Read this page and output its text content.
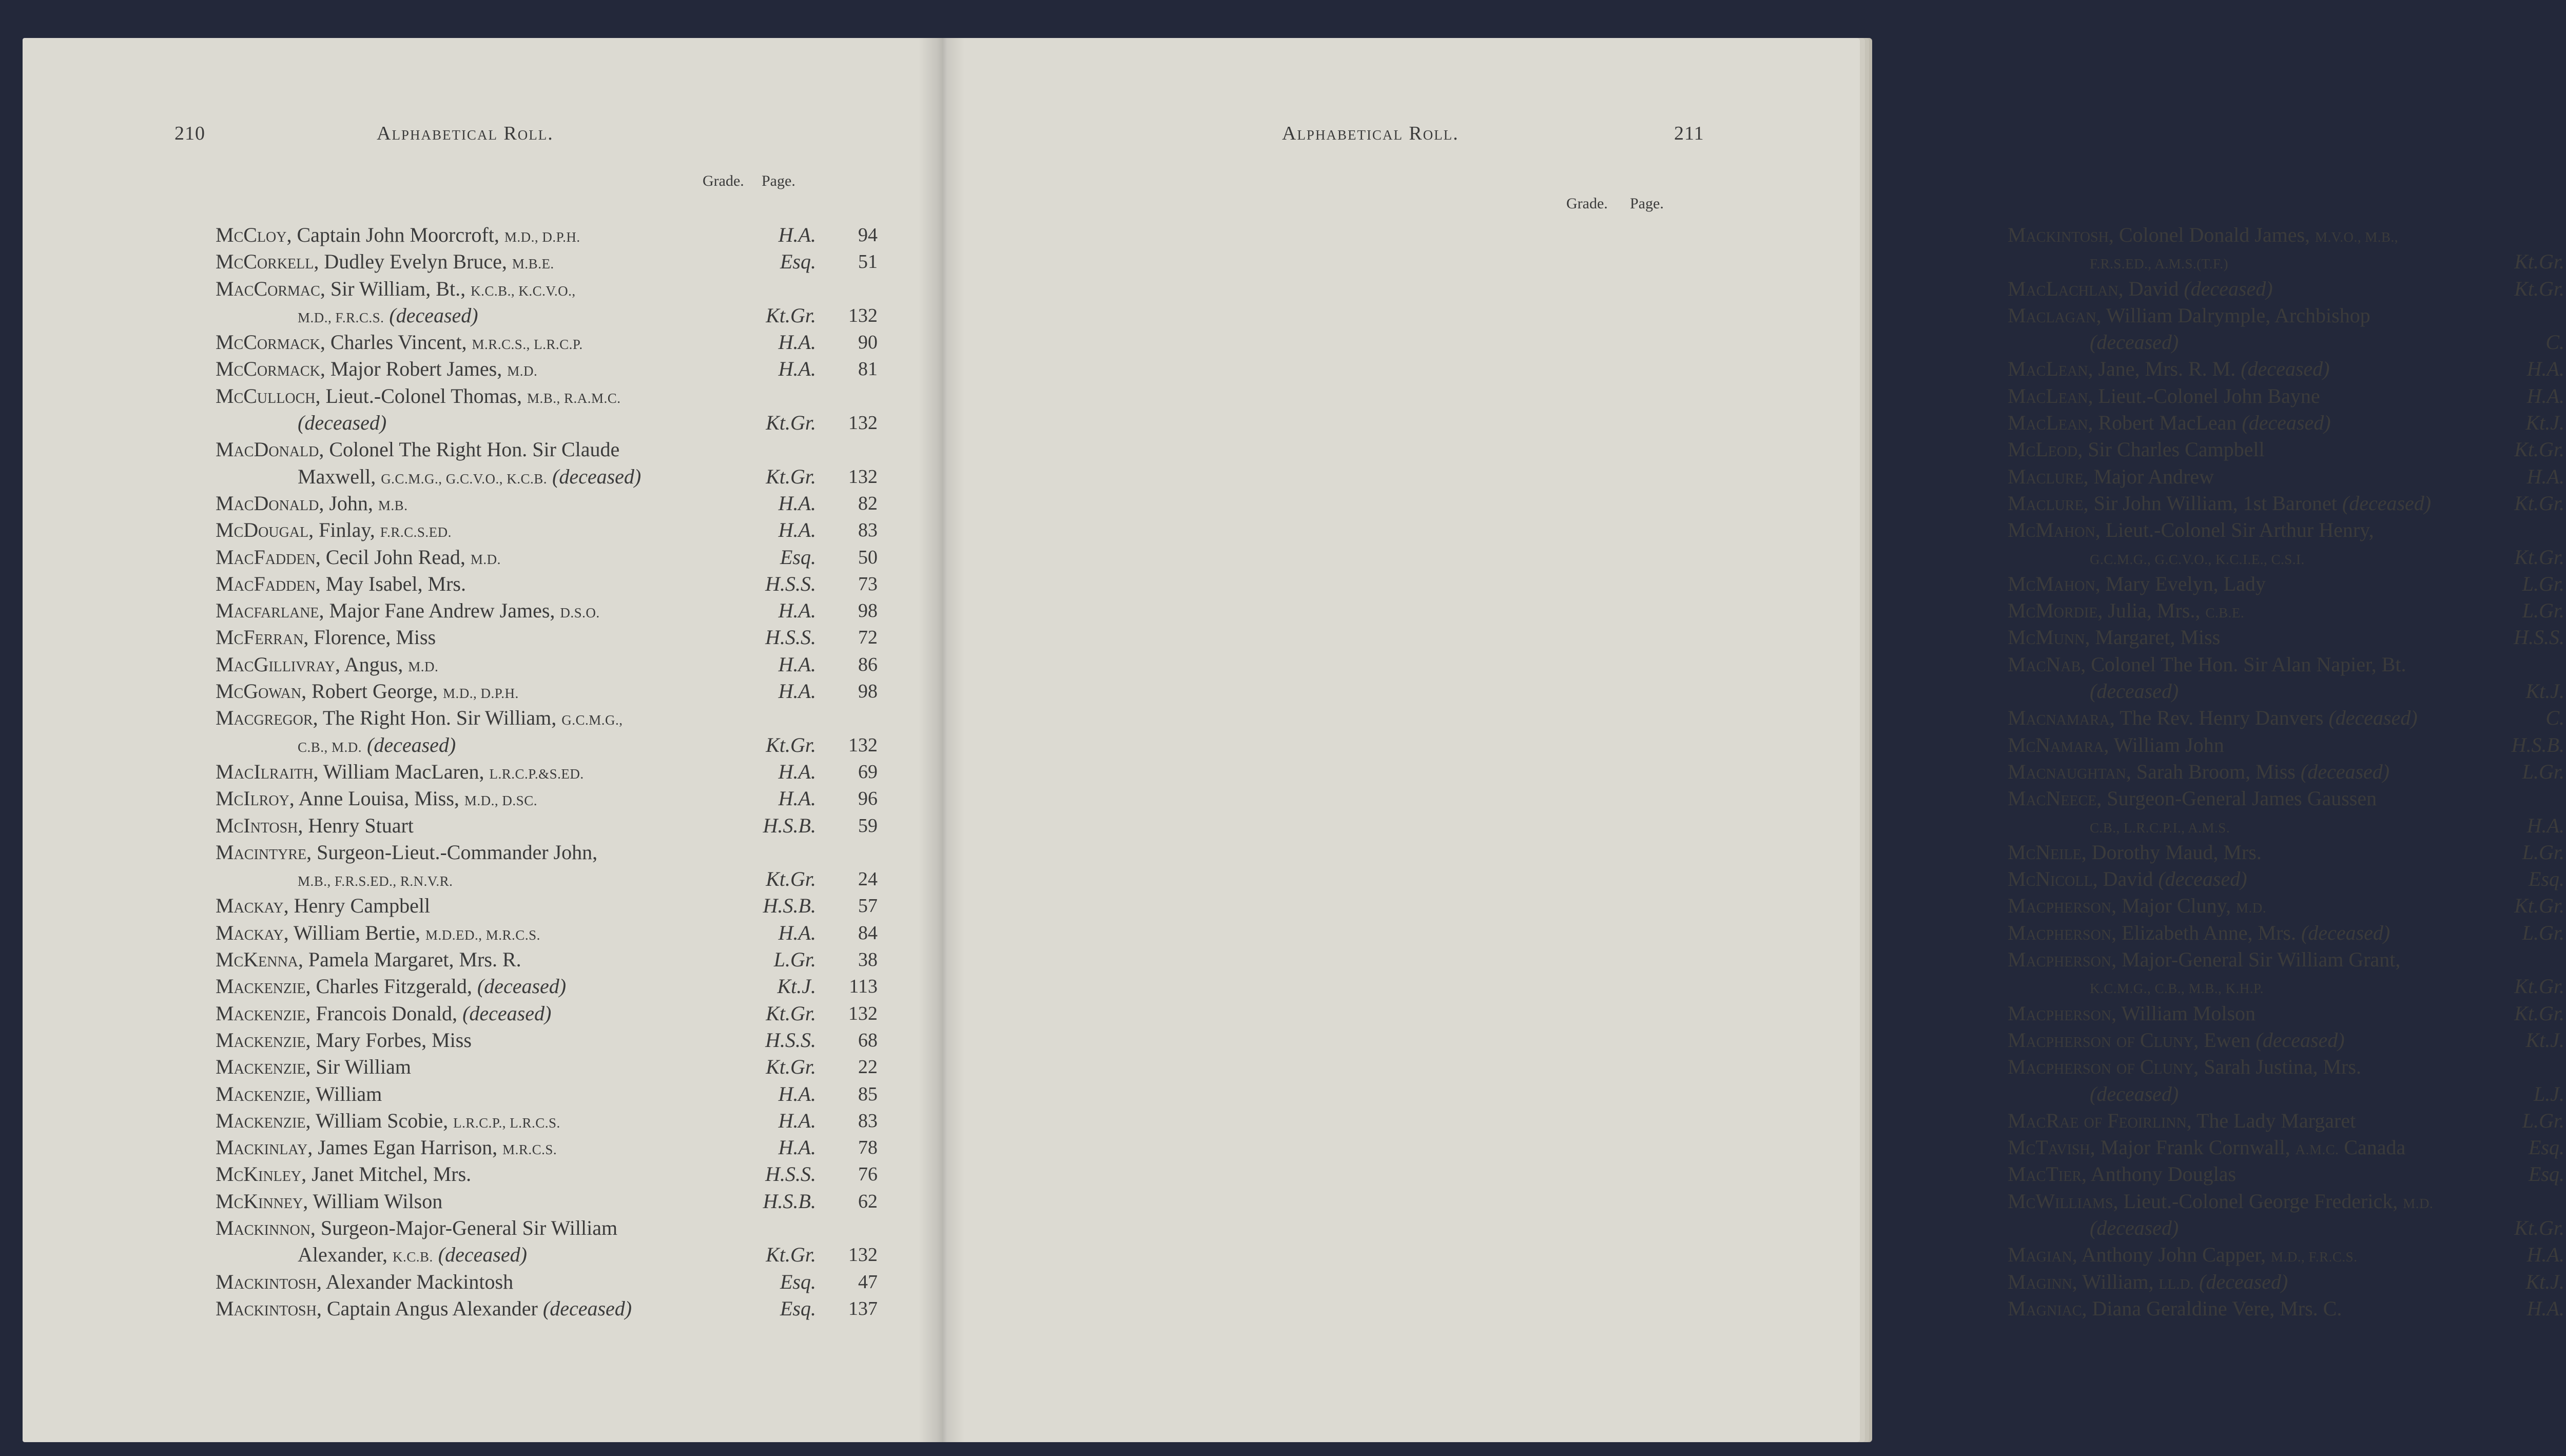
210	Alphabetical Roll.
Grade. Page.
McCloy, Captain John Moorcroft, M.D., D.P.H.	H.A. 94
McCorkell, Dudley Evelyn Bruce, M.B.E.	Esq. 51
MacCormac, Sir William, Bt., K.C.B., K.C.V.O.,
M.D., F.R.C.S. (deceased)	Kt.Gr. 132
McCormack, Charles Vincent, M.R.C.S., L.R.C.P.	H.A. 90
McCormack, Major Robert James, M.D.	H.A. 81
McCulloch, Lieut.-Colonel Thomas, M.B., R.A.M.C.
(deceased)	Kt.Gr. 132
MacDonald, Colonel The Right Hon. Sir Claude
Maxwell, G.C.M.G., G.C.V.O., K.C.B. (deceased)	Kt.Gr. 132
MacDonald, John, M.B.	H.A. 82
McDougal, Finlay, F.R.C.S.ED.	H.A. 83
MacFadden, Cecil John Read, M.D.	Esq. 50
MacFadden, May Isabel, Mrs.	H.S.S. 73
Macfarlane, Major Fane Andrew James, D.S.O.	H.A. 98
McFerran, Florence, Miss	H.S.S. 72
MacGillivray, Angus, M.D.	H.A. 86
McGowan, Robert George, M.D., D.P.H.	H.A. 98
Macgregor, The Right Hon. Sir William, G.C.M.G.,
C.B., M.D. (deceased)	Kt.Gr. 132
MacIlraith, William MacLaren, L.R.C.P.&S.ED.	H.A. 69
McIlroy, Anne Louisa, Miss, M.D., D.SC.	H.A. 96
McIntosh, Henry Stuart	H.S.B. 59
Macintyre, Surgeon-Lieut.-Commander John,
M.B., F.R.S.ED., R.N.V.R.	Kt.Gr. 24
Mackay, Henry Campbell	H.S.B. 57
Mackay, William Bertie, M.D.ED., M.R.C.S.	H.A. 84
McKenna, Pamela Margaret, Mrs. R.	L.Gr. 38
Mackenzie, Charles Fitzgerald, (deceased)	Kt.J. 113
Mackenzie, Francois Donald, (deceased)	Kt.Gr. 132
Mackenzie, Mary Forbes, Miss	H.S.S. 68
Mackenzie, Sir William	Kt.Gr. 22
Mackenzie, William	H.A. 85
Mackenzie, William Scobie, L.R.C.P., L.R.C.S.	H.A. 83
Mackinlay, James Egan Harrison, M.R.C.S.	H.A. 78
McKinley, Janet Mitchel, Mrs.	H.S.S. 76
McKinney, William Wilson	H.S.B. 62
Mackinnon, Surgeon-Major-General Sir William
Alexander, K.C.B. (deceased)	Kt.Gr. 132
Mackintosh, Alexander Mackintosh	Esq. 47
Mackintosh, Captain Angus Alexander (deceased)	Esq. 137
Alphabetical Roll.	211
Grade. Page.
Mackintosh, Colonel Donald James, M.V.O., M.B.,
F.R.S.ED., A.M.S.(T.F.)	Kt.Gr.
MacLachlan, David (deceased)	Kt.Gr.
Maclagan, William Dalrymple, Archbishop
(deceased)	C.
MacLean, Jane, Mrs. R. M. (deceased)	H.A.
MacLean, Lieut.-Colonel John Bayne	H.A.
MacLean, Robert MacLean (deceased)	Kt.J.
McLeod, Sir Charles Campbell	Kt.Gr.
Maclure, Major Andrew	H.A.
Maclure, Sir John William, 1st Baronet (deceased)	Kt.Gr.
McMahon, Lieut.-Colonel Sir Arthur Henry,
G.C.M.G., G.C.V.O., K.C.I.E., C.S.I.	Kt.Gr.
McMahon, Mary Evelyn, Lady	L.Gr.
McMordie, Julia, Mrs., C.B.E.	L.Gr.
McMunn, Margaret, Miss	H.S.S.
MacNab, Colonel The Hon. Sir Alan Napier, Bt.
(deceased)	Kt.J.
Macnamara, The Rev. Henry Danvers (deceased)	C.
McNamara, William John	H.S.B.
Macnaughtan, Sarah Broom, Miss (deceased)	L.Gr.
MacNeece, Surgeon-General James Gaussen
C.B., L.R.C.P.I., A.M.S.	H.A.
McNeile, Dorothy Maud, Mrs.	L.Gr.
McNicoll, David (deceased)	Esq.
Macpherson, Major Cluny, M.D.	Kt.Gr.
Macpherson, Elizabeth Anne, Mrs. (deceased)	L.Gr.
Macpherson, Major-General Sir William Grant,
K.C.M.G., C.B., M.B., K.H.P.	Kt.Gr.
Macpherson, William Molson	Kt.Gr.
Macpherson of Cluny, Ewen (deceased)	Kt.J.
Macpherson of Cluny, Sarah Justina, Mrs.
(deceased)	L.J.
MacRae of Feoirlinn, The Lady Margaret	L.Gr.
McTavish, Major Frank Cornwall, A.M.C. Canada	Esq.
MacTier, Anthony Douglas	Esq.
McWilliams, Lieut.-Colonel George Frederick, M.D.
(deceased)	Kt.Gr.
Magian, Anthony John Capper, M.D., F.R.C.S.	H.A.
Maginn, William, LL.D. (deceased)	Kt.J.
Magniac, Diana Geraldine Vere, Mrs. C.	H.A.
